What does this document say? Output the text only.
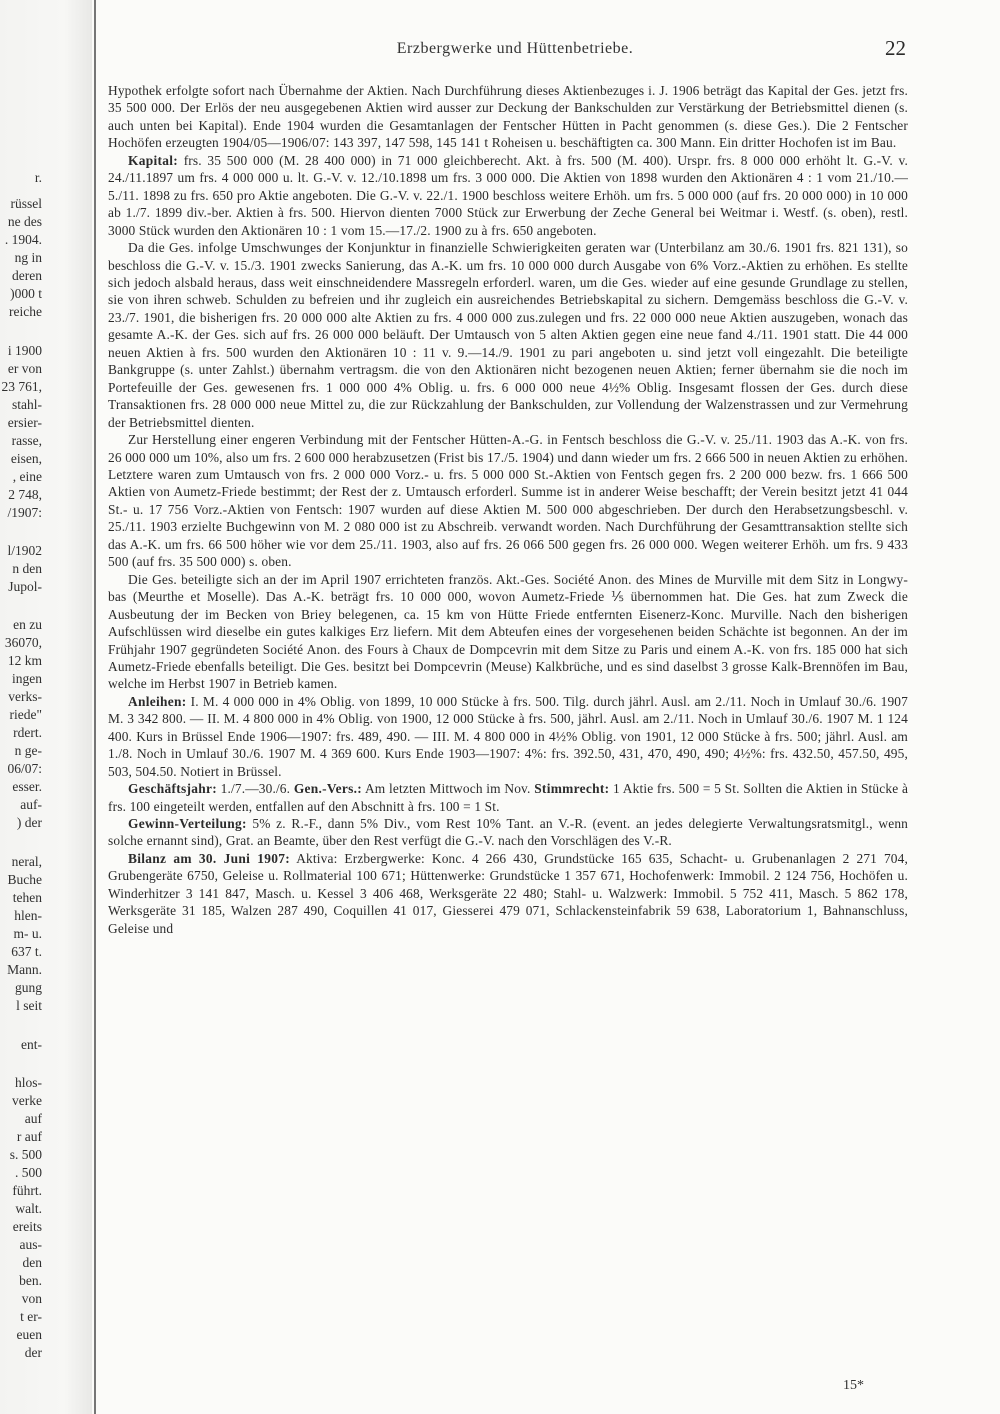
r.
rüssel
ne des
. 1904.
ng in
deren
)000 t
reiche
i 1900
er von
23 761,
stahl-
ersier-
rasse,
eisen,
, eine
2 748,
/1907:
l/1902
n den
Jupol-
en zu
36070,
12 km
ingen
verks-
riede"
rdert.
n ge-
06/07:
esser.
auf-
) der
neral,
Buche
tehen
hlen-
m- u.
637 t.
Mann.
gung
l seit
ent-
hlos-
verke
auf
r auf
s. 500
. 500
führt.
walt.
ereits
aus-
den
ben.
von
t er-
euen
der
Erzbergwerke und Hüttenbetriebe.	22

Hypothek erfolgte sofort nach Übernahme der Aktien. Nach Durchführung dieses Aktienbezuges i. J. 1906 beträgt das Kapital der Ges. jetzt frs. 35 500 000. Der Erlös der neu ausgegebenen Aktien wird ausser zur Deckung der Bankschulden zur Verstärkung der Betriebsmittel dienen (s. auch unten bei Kapital). Ende 1904 wurden die Gesamtanlagen der Fentscher Hütten in Pacht genommen (s. diese Ges.). Die 2 Fentscher Hochöfen erzeugten 1904/05—1906/07: 143 397, 147 598, 145 141 t Roheisen u. beschäftigten ca. 300 Mann. Ein dritter Hochofen ist im Bau.

Kapital: frs. 35 500 000 (M. 28 400 000) in 71 000 gleichberecht. Akt. à frs. 500 (M. 400). Urspr. frs. 8 000 000 erhöht lt. G.-V. v. 24./11.1897 um frs. 4 000 000 u. lt. G.-V. v. 12./10.1898 um frs. 3 000 000. Die Aktien von 1898 wurden den Aktionären 4 : 1 vom 21./10.—5./11. 1898 zu frs. 650 pro Aktie angeboten. Die G.-V. v. 22./1. 1900 beschloss weitere Erhöh. um frs. 5 000 000 (auf frs. 20 000 000) in 10 000 ab 1./7. 1899 div.-ber. Aktien à frs. 500. Hiervon dienten 7000 Stück zur Erwerbung der Zeche General bei Weitmar i. Westf. (s. oben), restl. 3000 Stück wurden den Aktionären 10 : 1 vom 15.—17./2. 1900 zu à frs. 650 angeboten.

Da die Ges. infolge Umschwunges der Konjunktur in finanzielle Schwierigkeiten geraten war (Unterbilanz am 30./6. 1901 frs. 821 131), so beschloss die G.-V. v. 15./3. 1901 zwecks Sanierung, das A.-K. um frs. 10 000 000 durch Ausgabe von 6% Vorz.-Aktien zu erhöhen. Es stellte sich jedoch alsbald heraus, dass weit einschneidendere Massregeln erforderl. waren, um die Ges. wieder auf eine gesunde Grundlage zu stellen, sie von ihren schweb. Schulden zu befreien und ihr zugleich ein ausreichendes Betriebskapital zu sichern. Demgemäss beschloss die G.-V. v. 23./7. 1901, die bisherigen frs. 20 000 000 alte Aktien zu frs. 4 000 000 zus.zulegen und frs. 22 000 000 neue Aktien auszugeben, wonach das gesamte A.-K. der Ges. sich auf frs. 26 000 000 beläuft. Der Umtausch von 5 alten Aktien gegen eine neue fand 4./11. 1901 statt. Die 44 000 neuen Aktien à frs. 500 wurden den Aktionären 10 : 11 v. 9.—14./9. 1901 zu pari angeboten u. sind jetzt voll eingezahlt. Die beteiligte Bankgruppe (s. unter Zahlst.) übernahm vertragsm. die von den Aktionären nicht bezogenen neuen Aktien; ferner übernahm sie die noch im Portefeuille der Ges. gewesenen frs. 1 000 000 4% Oblig. u. frs. 6 000 000 neue 4½% Oblig. Insgesamt flossen der Ges. durch diese Transaktionen frs. 28 000 000 neue Mittel zu, die zur Rückzahlung der Bankschulden, zur Vollendung der Walzenstrassen und zur Vermehrung der Betriebsmittel dienten.

Zur Herstellung einer engeren Verbindung mit der Fentscher Hütten-A.-G. in Fentsch beschloss die G.-V. v. 25./11. 1903 das A.-K. von frs. 26 000 000 um 10%, also um frs. 2 600 000 herabzusetzen (Frist bis 17./5. 1904) und dann wieder um frs. 2 666 500 in neuen Aktien zu erhöhen. Letztere waren zum Umtausch von frs. 2 000 000 Vorz.- u. frs. 5 000 000 St.-Aktien von Fentsch gegen frs. 2 200 000 bezw. frs. 1 666 500 Aktien von Aumetz-Friede bestimmt; der Rest der z. Umtausch erforderl. Summe ist in anderer Weise beschafft; der Verein besitzt jetzt 41 044 St.- u. 17 756 Vorz.-Aktien von Fentsch: 1907 wurden auf diese Aktien M. 500 000 abgeschrieben. Der durch den Herabsetzungsbeschl. v. 25./11. 1903 erzielte Buchgewinn von M. 2 080 000 ist zu Abschreib. verwandt worden. Nach Durchführung der Gesamttransaktion stellte sich das A.-K. um frs. 66 500 höher wie vor dem 25./11. 1903, also auf frs. 26 066 500 gegen frs. 26 000 000. Wegen weiterer Erhöh. um frs. 9 433 500 (auf frs. 35 500 000) s. oben.

Die Ges. beteiligte sich an der im April 1907 errichteten französ. Akt.-Ges. Société Anon. des Mines de Murville mit dem Sitz in Longwy-bas (Meurthe et Moselle). Das A.-K. beträgt frs. 10 000 000, wovon Aumetz-Friede ⅕ übernommen hat. Die Ges. hat zum Zweck die Ausbeutung der im Becken von Briey belegenen, ca. 15 km von Hütte Friede entfernten Eisenerz-Konc. Murville. Nach den bisherigen Aufschlüssen wird dieselbe ein gutes kalkiges Erz liefern. Mit dem Abteufen eines der vorgesehenen beiden Schächte ist begonnen. An der im Frühjahr 1907 gegründeten Société Anon. des Fours à Chaux de Dompcevrin mit dem Sitze zu Paris und einem A.-K. von frs. 185 000 hat sich Aumetz-Friede ebenfalls beteiligt. Die Ges. besitzt bei Dompcevrin (Meuse) Kalkbrüche, und es sind daselbst 3 grosse Kalk-Brennöfen im Bau, welche im Herbst 1907 in Betrieb kamen.

Anleihen: I. M. 4 000 000 in 4% Oblig. von 1899, 10 000 Stücke à frs. 500. Tilg. durch jährl. Ausl. am 2./11. Noch in Umlauf 30./6. 1907 M. 3 342 800. — II. M. 4 800 000 in 4% Oblig. von 1900, 12 000 Stücke à frs. 500, jährl. Ausl. am 2./11. Noch in Umlauf 30./6. 1907 M. 1 124 400. Kurs in Brüssel Ende 1906—1907: frs. 489, 490. — III. M. 4 800 000 in 4½% Oblig. von 1901, 12 000 Stücke à frs. 500; jährl. Ausl. am 1./8. Noch in Umlauf 30./6. 1907 M. 4 369 600. Kurs Ende 1903—1907: 4%: frs. 392.50, 431, 470, 490, 490; 4½%: frs. 432.50, 457.50, 495, 503, 504.50. Notiert in Brüssel.

Geschäftsjahr: 1./7.—30./6. Gen.-Vers.: Am letzten Mittwoch im Nov. Stimmrecht: 1 Aktie frs. 500 = 5 St. Sollten die Aktien in Stücke à frs. 100 eingeteilt werden, entfallen auf den Abschnitt à frs. 100 = 1 St.

Gewinn-Verteilung: 5% z. R.-F., dann 5% Div., vom Rest 10% Tant. an V.-R. (event. an jedes delegierte Verwaltungsratsmitgl., wenn solche ernannt sind), Grat. an Beamte, über den Rest verfügt die G.-V. nach den Vorschlägen des V.-R.

Bilanz am 30. Juni 1907: Aktiva: Erzbergwerke: Konc. 4 266 430, Grundstücke 165 635, Schacht- u. Grubenanlagen 2 271 704, Grubengeräte 6750, Geleise u. Rollmaterial 100 671; Hüttenwerke: Grundstücke 1 357 671, Hochofenwerk: Immobil. 2 124 756, Hochöfen u. Winderhitzer 3 141 847, Masch. u. Kessel 3 406 468, Werksgeräte 22 480; Stahl- u. Walzwerk: Immobil. 5 752 411, Masch. 5 862 178, Werksgeräte 31 185, Walzen 287 490, Coquillen 41 017, Giesserei 479 071, Schlackensteinfabrik 59 638, Laboratorium 1, Bahnanschluss, Geleise und

15*
